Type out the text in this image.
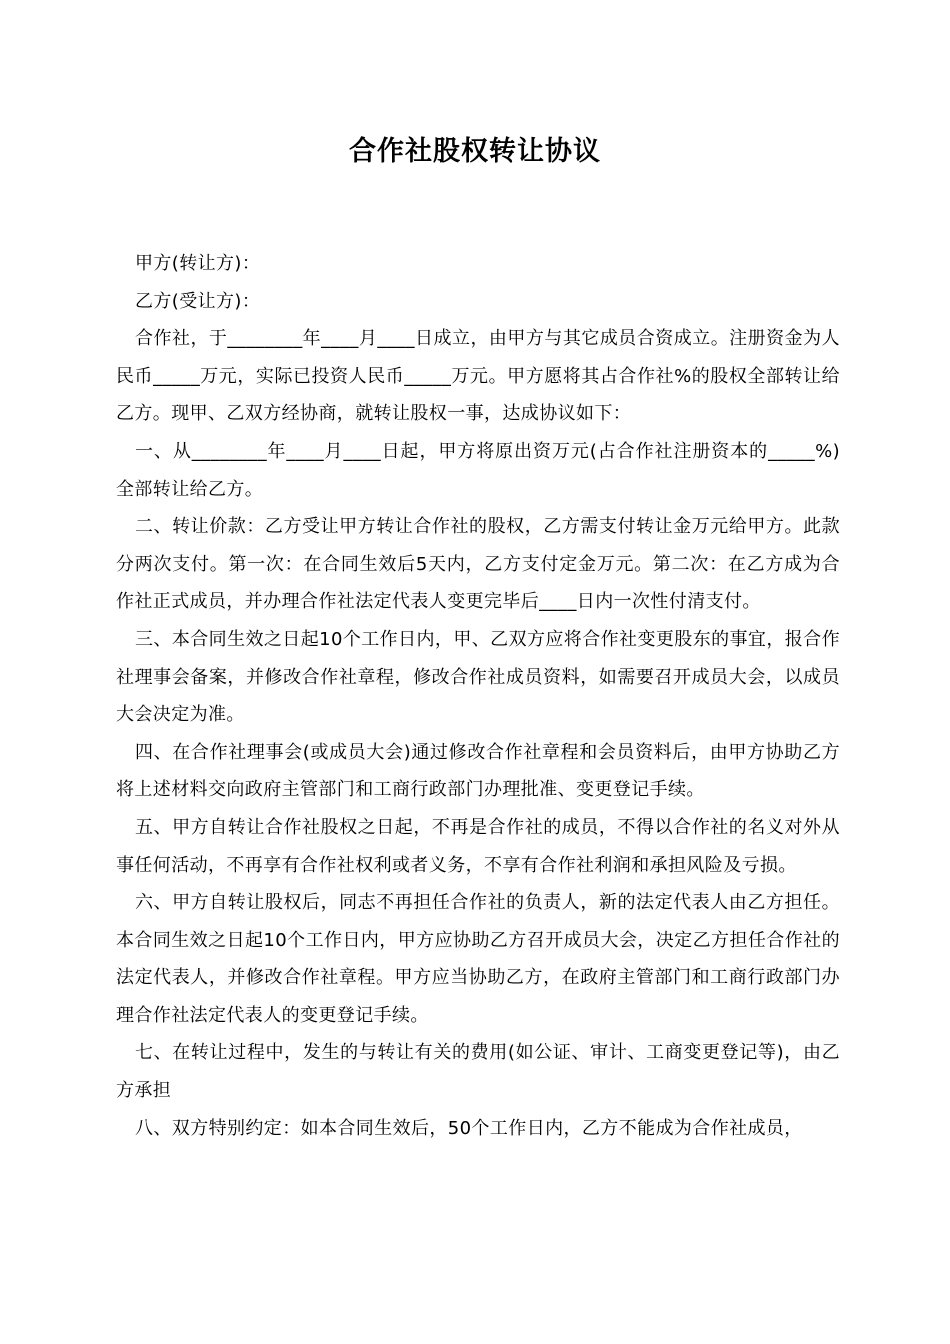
合作社股权转让协议

甲方(转让方)：

乙方(受让方)：

合作社，于________年____月____日成立，由甲方与其它成员合资成立。注册资金为人民币_____万元，实际已投资人民币_____万元。甲方愿将其占合作社%的股权全部转让给乙方。现甲、乙双方经协商，就转让股权一事，达成协议如下：

一、从________年____月____日起，甲方将原出资万元(占合作社注册资本的_____%)全部转让给乙方。

二、转让价款：乙方受让甲方转让合作社的股权，乙方需支付转让金万元给甲方。此款分两次支付。第一次：在合同生效后5天内，乙方支付定金万元。第二次：在乙方成为合作社正式成员，并办理合作社法定代表人变更完毕后____日内一次性付清支付。

三、本合同生效之日起10个工作日内，甲、乙双方应将合作社变更股东的事宜，报合作社理事会备案，并修改合作社章程，修改合作社成员资料，如需要召开成员大会，以成员大会决定为准。

四、在合作社理事会(或成员大会)通过修改合作社章程和会员资料后，由甲方协助乙方将上述材料交向政府主管部门和工商行政部门办理批准、变更登记手续。

五、甲方自转让合作社股权之日起，不再是合作社的成员，不得以合作社的名义对外从事任何活动，不再享有合作社权利或者义务，不享有合作社利润和承担风险及亏损。

六、甲方自转让股权后，同志不再担任合作社的负责人，新的法定代表人由乙方担任。本合同生效之日起10个工作日内，甲方应协助乙方召开成员大会，决定乙方担任合作社的法定代表人，并修改合作社章程。甲方应当协助乙方，在政府主管部门和工商行政部门办理合作社法定代表人的变更登记手续。

七、在转让过程中，发生的与转让有关的费用(如公证、审计、工商变更登记等)，由乙方承担

八、双方特别约定：如本合同生效后，50个工作日内，乙方不能成为合作社成员，
